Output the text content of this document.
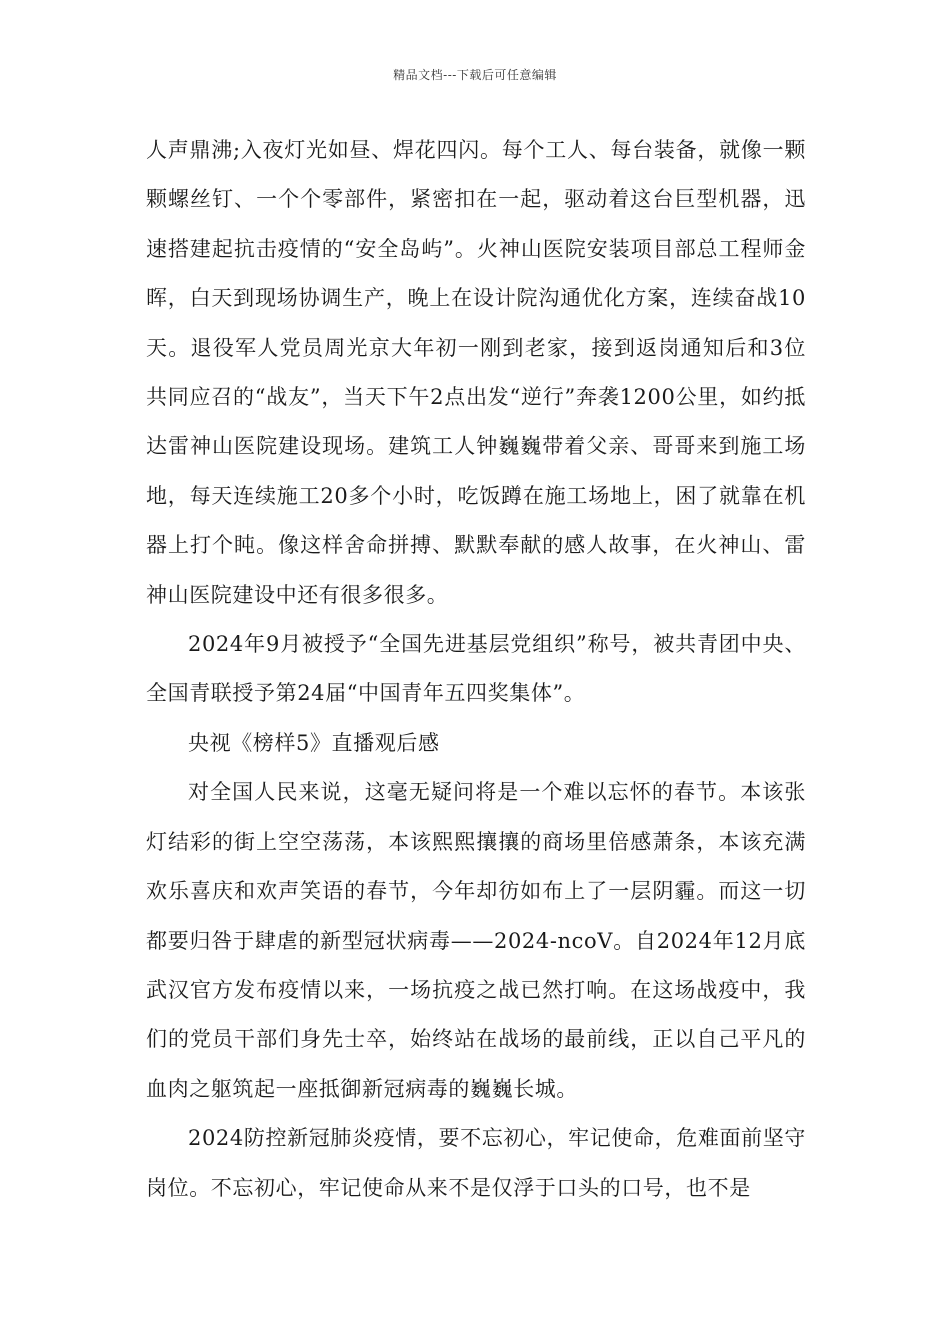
精品文档---下载后可任意编辑

人声鼎沸;入夜灯光如昼、焊花四闪。每个工人、每台装备，就像一颗颗螺丝钉、一个个零部件，紧密扣在一起，驱动着这台巨型机器，迅速搭建起抗击疫情的“安全岛屿”。火神山医院安装项目部总工程师金晖，白天到现场协调生产，晚上在设计院沟通优化方案，连续奋战10天。退役军人党员周光京大年初一刚到老家，接到返岗通知后和3位共同应召的“战友”，当天下午2点出发“逆行”奔袭1200公里，如约抵达雷神山医院建设现场。建筑工人钟巍巍带着父亲、哥哥来到施工场地，每天连续施工20多个小时，吃饭蹲在施工场地上，困了就靠在机器上打个盹。像这样舍命拼搏、默默奉献的感人故事，在火神山、雷神山医院建设中还有很多很多。

2024年9月被授予“全国先进基层党组织”称号，被共青团中央、全国青联授予第24届“中国青年五四奖集体”。

央视《榜样5》直播观后感

对全国人民来说，这毫无疑问将是一个难以忘怀的春节。本该张灯结彩的街上空空荡荡，本该熙熙攘攘的商场里倍感萧条，本该充满欢乐喜庆和欢声笑语的春节，今年却彷如布上了一层阴霾。而这一切都要归咎于肆虐的新型冠状病毒——2024-ncoV。自2024年12月底武汉官方发布疫情以来，一场抗疫之战已然打响。在这场战疫中，我们的党员干部们身先士卒，始终站在战场的最前线，正以自己平凡的血肉之躯筑起一座抵御新冠病毒的巍巍长城。

2024防控新冠肺炎疫情，要不忘初心，牢记使命，危难面前坚守岗位。不忘初心，牢记使命从来不是仅浮于口头的口号，也不是
